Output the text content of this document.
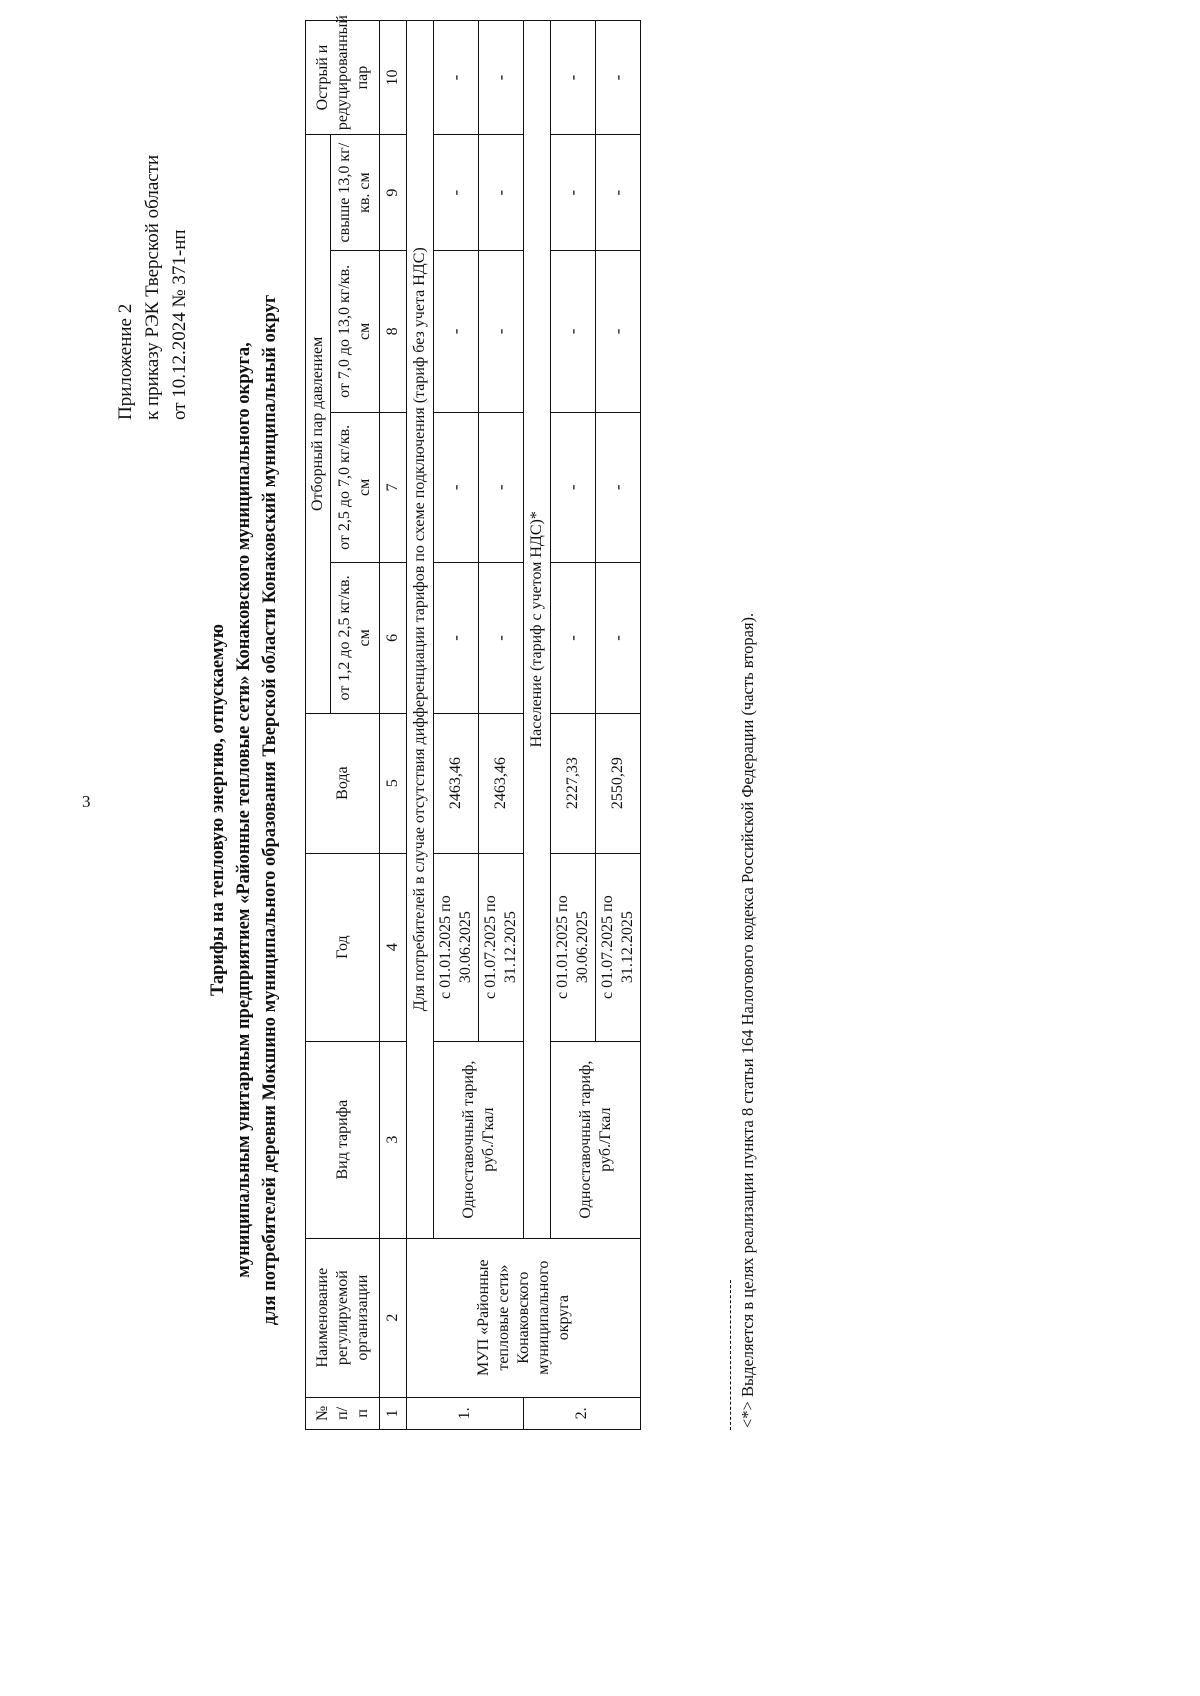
3
Приложение 2 к приказу РЭК Тверской области от 10.12.2024 № 371-нп
Тарифы на тепловую энергию, отпускаемую муниципальным унитарным предприятием «Районные тепловые сети» Конаковского муниципального округа, для потребителей деревни Мокшино муниципального образования Тверской области Конаковский муниципальный округ
№ п/ п	Наименование регулируемой организации	Вид тарифа	Год	Вода	Отборный пар давлением				Острый и редуцированный пар
					от 1,2 до 2,5 кг/кв. см	от 2,5 до 7,0 кг/кв. см	от 7,0 до 13,0 кг/кв. см	свыше 13,0 кг/кв. см	
1	2	3	4	5	6	7	8	9	10
1.	МУП «Районные тепловые сети» Конаковского муниципального округа	Для потребителей в случае отсутствия дифференциации тарифов по схеме подключения (тариф без учета НДС)							
		Одноставочный тариф, руб./Гкал	с 01.01.2025 по 30.06.2025	2463,46	-	-	-	-	-
			с 01.07.2025 по 31.12.2025	2463,46	-	-	-	-	-
2.		Население (тариф с учетом НДС)*							
		Одноставочный тариф, руб./Гкал	с 01.01.2025 по 30.06.2025	2227,33	-	-	-	-	-
			с 01.07.2025 по 31.12.2025	2550,29	-	-	-	-	-
<*> Выделяется в целях реализации пункта 8 статьи 164 Налогового кодекса Российской Федерации (часть вторая).
